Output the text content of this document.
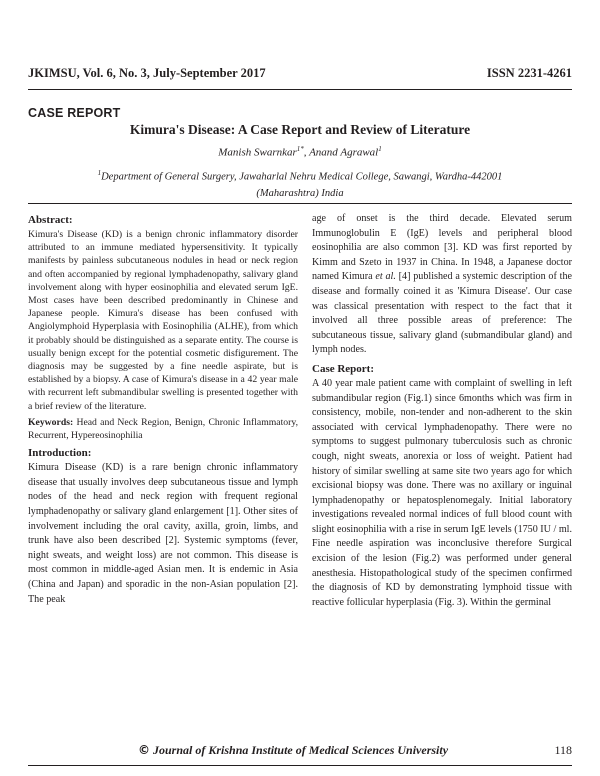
JKIMSU, Vol. 6, No. 3, July-September 2017	ISSN 2231-4261
CASE REPORT
Kimura's Disease: A Case Report and Review of Literature
Manish Swarnkar$^{1*}$, Anand Agrawal$^1$
$^1$Department of General Surgery, Jawaharlal Nehru Medical College, Sawangi, Wardha-442001
(Maharashtra) India
Abstract:

Kimura's Disease (KD) is a benign chronic inflammatory disorder attributed to an immune mediated hypersensitivity. It typically manifests by painless subcutaneous nodules in head or neck region and often accompanied by regional lymphadenopathy, salivary gland involvement along with hyper eosinophilia and elevated serum IgE. Most cases have been described predominantly in Chinese and Japanese people. Kimura's disease has been confused with Angiolymphoid Hyperplasia with Eosinophilia (ALHE), from which it probably should be distinguished as a separate entity. The course is usually benign except for the potential cosmetic disfigurement. The diagnosis may be suggested by a fine needle aspirate, but is established by a biopsy. A case of Kimura's disease in a 42 year male with recurrent left submandibular swelling is presented together with a brief review of the literature.

Keywords: Head and Neck Region, Benign, Chronic Inflammatory, Recurrent, Hypereosinophilia

Introduction:

Kimura Disease (KD) is a rare benign chronic inflammatory disease that usually involves deep subcutaneous tissue and lymph nodes of the head and neck region with frequent regional lymphadenopathy or salivary gland enlargement [1]. Other sites of involvement including the oral cavity, axilla, groin, limbs, and trunk have also been described [2]. Systemic symptoms (fever, night sweats, and weight loss) are not common. This disease is most common in middle-aged Asian men. It is endemic in Asia (China and Japan) and sporadic in the non-Asian population [2]. The peak

age of onset is the third decade. Elevated serum Immunoglobulin E (IgE) levels and peripheral blood eosinophilia are also common [3]. KD was first reported by Kimm and Szeto in 1937 in China. In 1948, a Japanese doctor named Kimura et al. [4] published a systemic description of the disease and formally coined it as 'Kimura Disease'. Our case was classical presentation with respect to the fact that it involved all three possible areas of preference: The subcutaneous tissue, salivary gland (submandibular gland) and lymph nodes.

Case Report:

A 40 year male patient came with complaint of swelling in left submandibular region (Fig.1) since 6months which was firm in consistency, mobile, non-tender and non-adherent to the skin associated with cervical lymphadenopathy. There were no symptoms to suggest pulmonary tuberculosis such as chronic cough, night sweats, anorexia or loss of weight. Patient had history of similar swelling at same site two years ago for which excisional biopsy was done. There was no axillary or inguinal lymphadenopathy or hepatosplenomegaly. Initial laboratory investigations revealed normal indices of full blood count with slight eosinophilia with a rise in serum IgE levels (1750 IU / ml. Fine needle aspiration was inconclusive therefore Surgical excision of the lesion (Fig.2) was performed under general anesthesia. Histopathological study of the specimen confirmed the diagnosis of KD by demonstrating lymphoid tissue with reactive follicular hyperplasia (Fig. 3). Within the germinal

© Journal of Krishna Institute of Medical Sciences University	118
